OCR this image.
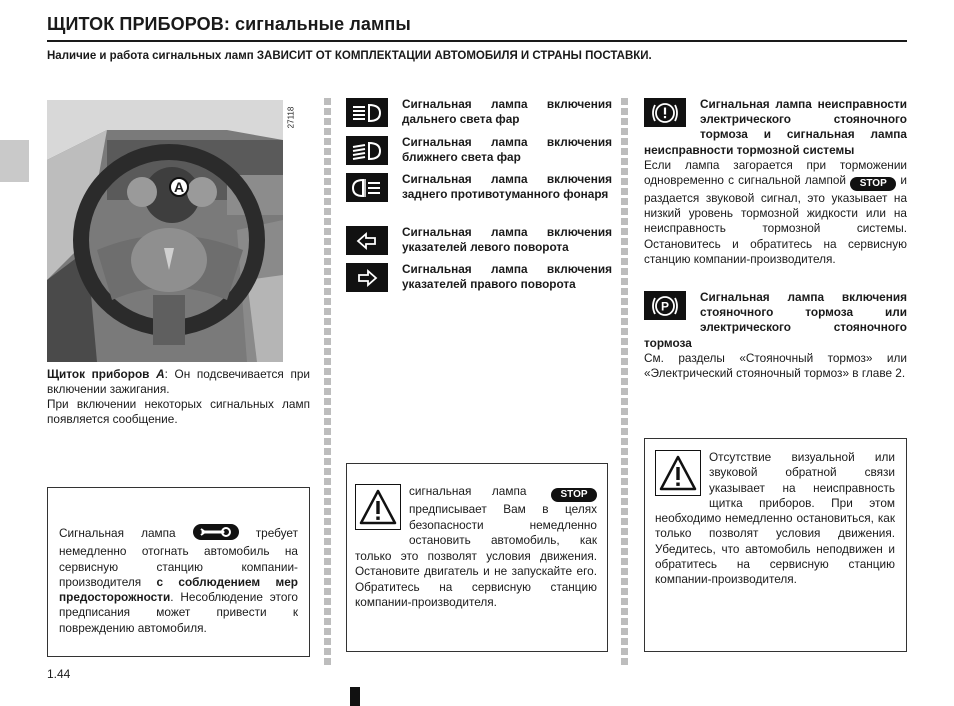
ЩИТОК ПРИБОРОВ: сигнальные лампы
Наличие и работа сигнальных ламп ЗАВИСИТ ОТ КОМПЛЕКТАЦИИ АВТОМОБИЛЯ И СТРАНЫ ПОСТАВКИ.
A
27118
Щиток приборов A: Он подсвечивается при включении зажигания.
При включении некоторых сигнальных ламп появляется сообщение.
Сигнальная лампа	требует немедленно отогнать автомобиль на сервисную станцию компании-производителя с соблюдением мер предосторожности. Несоблюдение этого предписания может привести к повреждению автомобиля.
1.44
Сигнальная лампа включения дальнего света фар
Сигнальная лампа включения ближнего света фар
Сигнальная лампа включения заднего противотуманного фонаря
Сигнальная лампа включения указателей левого поворота
Сигнальная лампа включения указателей правого поворота
сигнальная лампа	STOP предписывает Вам в целях безопасности немедленно остановить автомобиль, как только это позволят условия движения. Остановите двигатель и не запускайте его. Обратитесь на сервисную станцию компании-производителя.
Сигнальная лампа неисправности электрического стояночного тормоза и сигнальная лампа неисправности тормозной системы
Если лампа загорается при торможении одновременно с сигнальной лампой STOP и раздается звуковой сигнал, это указывает на низкий уровень тормозной жидкости или на неисправность тормозной системы. Остановитесь и обратитесь на сервисную станцию компании-производителя.
P
Сигнальная лампа включения стояночного тормоза или электрического стояночного тормоза
См. разделы «Стояночный тормоз» или «Электрический стояночный тормоз» в главе 2.
Отсутствие визуальной или звуковой обратной связи указывает на неисправность щитка приборов. При этом необходимо немедленно остановиться, как только позволят условия движения. Убедитесь, что автомобиль неподвижен и обратитесь на сервисную станцию компании-производителя.
